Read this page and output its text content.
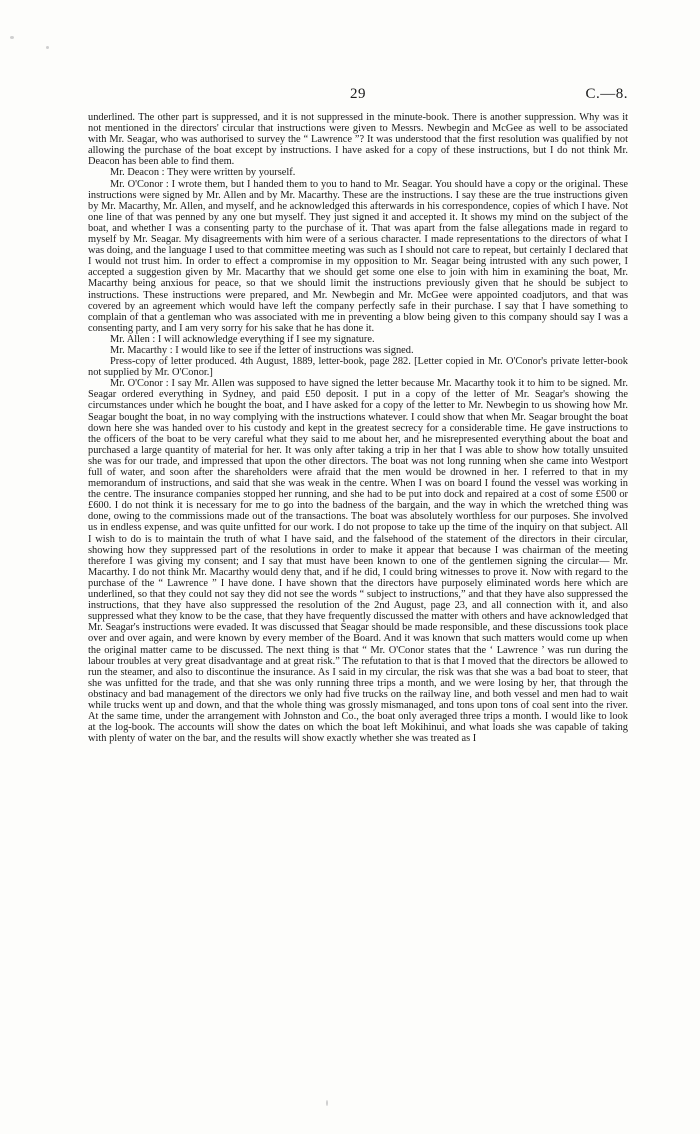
29	C.—8.

underlined. The other part is suppressed, and it is not suppressed in the minute-book. There is another suppression. Why was it not mentioned in the directors' circular that instructions were given to Messrs. Newbegin and McGee as well to be associated with Mr. Seagar, who was authorised to survey the “ Lawrence ”? It was understood that the first resolution was qualified by not allowing the purchase of the boat except by instructions. I have asked for a copy of these instructions, but I do not think Mr. Deacon has been able to find them.

Mr. Deacon : They were written by yourself.

Mr. O'Conor : I wrote them, but I handed them to you to hand to Mr. Seagar. You should have a copy or the original. These instructions were signed by Mr. Allen and by Mr. Macarthy. These are the instructions. I say these are the true instructions given by Mr. Macarthy, Mr. Allen, and myself, and he acknowledged this afterwards in his correspondence, copies of which I have. Not one line of that was penned by any one but myself. They just signed it and accepted it. It shows my mind on the subject of the boat, and whether I was a consenting party to the purchase of it. That was apart from the false allegations made in regard to myself by Mr. Seagar. My disagreements with him were of a serious character. I made representations to the directors of what I was doing, and the language I used to that committee meeting was such as I should not care to repeat, but certainly I declared that I would not trust him. In order to effect a compromise in my opposition to Mr. Seagar being intrusted with any such power, I accepted a suggestion given by Mr. Macarthy that we should get some one else to join with him in examining the boat, Mr. Macarthy being anxious for peace, so that we should limit the instructions previously given that he should be subject to instructions. These instructions were prepared, and Mr. Newbegin and Mr. McGee were appointed coadjutors, and that was covered by an agreement which would have left the company perfectly safe in their purchase. I say that I have something to complain of that a gentleman who was associated with me in preventing a blow being given to this company should say I was a consenting party, and I am very sorry for his sake that he has done it.

Mr. Allen : I will acknowledge everything if I see my signature.

Mr. Macarthy : I would like to see if the letter of instructions was signed.

Press-copy of letter produced. 4th August, 1889, letter-book, page 282. [Letter copied in Mr. O'Conor's private letter-book not supplied by Mr. O'Conor.]

Mr. O'Conor : I say Mr. Allen was supposed to have signed the letter because Mr. Macarthy took it to him to be signed. Mr. Seagar ordered everything in Sydney, and paid £50 deposit. I put in a copy of the letter of Mr. Seagar's showing the circumstances under which he bought the boat, and I have asked for a copy of the letter to Mr. Newbegin to us showing how Mr. Seagar bought the boat, in no way complying with the instructions whatever. I could show that when Mr. Seagar brought the boat down here she was handed over to his custody and kept in the greatest secrecy for a considerable time. He gave instructions to the officers of the boat to be very careful what they said to me about her, and he misrepresented everything about the boat and purchased a large quantity of material for her. It was only after taking a trip in her that I was able to show how totally unsuited she was for our trade, and impressed that upon the other directors. The boat was not long running when she came into Westport full of water, and soon after the shareholders were afraid that the men would be drowned in her. I referred to that in my memorandum of instructions, and said that she was weak in the centre. When I was on board I found the vessel was working in the centre. The insurance companies stopped her running, and she had to be put into dock and repaired at a cost of some £500 or £600. I do not think it is necessary for me to go into the badness of the bargain, and the way in which the wretched thing was done, owing to the commissions made out of the transactions. The boat was absolutely worthless for our purposes. She involved us in endless expense, and was quite unfitted for our work. I do not propose to take up the time of the inquiry on that subject. All I wish to do is to maintain the truth of what I have said, and the falsehood of the statement of the directors in their circular, showing how they suppressed part of the resolutions in order to make it appear that because I was chairman of the meeting therefore I was giving my consent; and I say that must have been known to one of the gentlemen signing the circular— Mr. Macarthy. I do not think Mr. Macarthy would deny that, and if he did, I could bring witnesses to prove it. Now with regard to the purchase of the “ Lawrence ” I have done. I have shown that the directors have purposely eliminated words here which are underlined, so that they could not say they did not see the words “ subject to instructions,” and that they have also suppressed the instructions, that they have also suppressed the resolution of the 2nd August, page 23, and all connection with it, and also suppressed what they know to be the case, that they have frequently discussed the matter with others and have acknowledged that Mr. Seagar's instructions were evaded. It was discussed that Seagar should be made responsible, and these discussions took place over and over again, and were known by every member of the Board. And it was known that such matters would come up when the original matter came to be discussed. The next thing is that “ Mr. O'Conor states that the ‘ Lawrence ’ was run during the labour troubles at very great disadvantage and at great risk.” The refutation to that is that I moved that the directors be allowed to run the steamer, and also to discontinue the insurance. As I said in my circular, the risk was that she was a bad boat to steer, that she was unfitted for the trade, and that she was only running three trips a month, and we were losing by her, that through the obstinacy and bad management of the directors we only had five trucks on the railway line, and both vessel and men had to wait while trucks went up and down, and that the whole thing was grossly mismanaged, and tons upon tons of coal sent into the river. At the same time, under the arrangement with Johnston and Co., the boat only averaged three trips a month. I would like to look at the log-book. The accounts will show the dates on which the boat left Mokihinui, and what loads she was capable of taking with plenty of water on the bar, and the results will show exactly whether she was treated as I
